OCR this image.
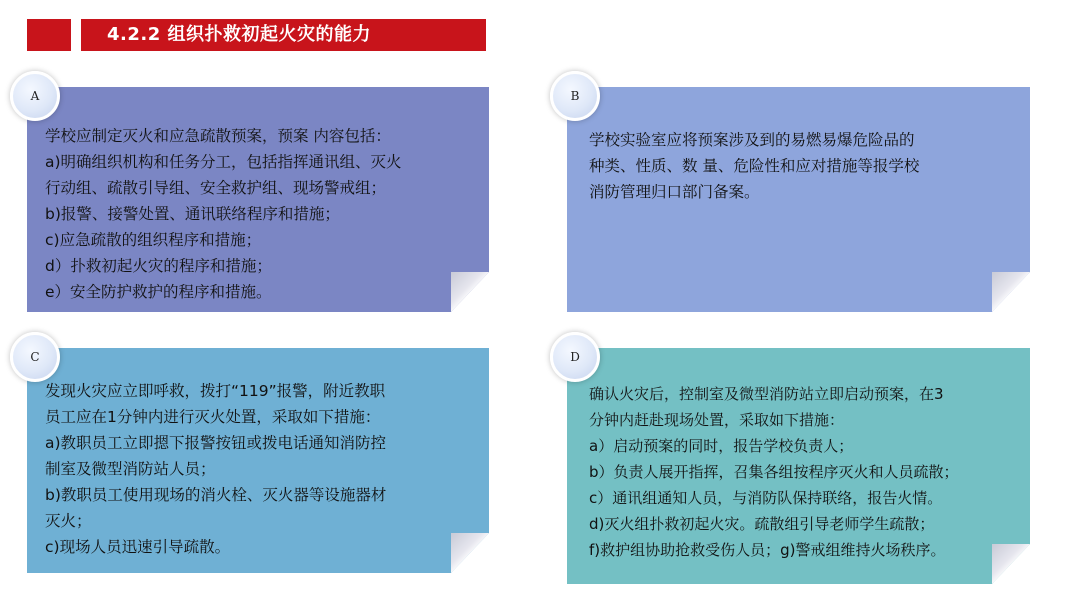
4.2.2 组织扑救初起火灾的能力
A
学校应制定灭火和应急疏散预案，预案 内容包括：
a)明确组织机构和任务分工，包括指挥通讯组、灭火
行动组、疏散引导组、安全救护组、现场警戒组；
b)报警、接警处置、通讯联络程序和措施；
c)应急疏散的组织程序和措施；
d）扑救初起火灾的程序和措施；
e）安全防护救护的程序和措施。
B
学校实验室应将预案涉及到的易燃易爆危险品的
种类、性质、数 量、危险性和应对措施等报学校
消防管理归口部门备案。
C
发现火灾应立即呼救，拨打“119”报警，附近教职
员工应在1分钟内进行灭火处置，采取如下措施：
a)教职员工立即摁下报警按钮或拨电话通知消防控
制室及微型消防站人员；
b)教职员工使用现场的消火栓、灭火器等设施器材
灭火；
c)现场人员迅速引导疏散。
D
确认火灾后，控制室及微型消防站立即启动预案，在3
分钟内赶赴现场处置，采取如下措施：
a）启动预案的同时，报告学校负责人；
b）负责人展开指挥，召集各组按程序灭火和人员疏散；
c）通讯组通知人员，与消防队保持联络，报告火情。
d)灭火组扑救初起火灾。疏散组引导老师学生疏散；
f)救护组协助抢救受伤人员；g)警戒组维持火场秩序。
